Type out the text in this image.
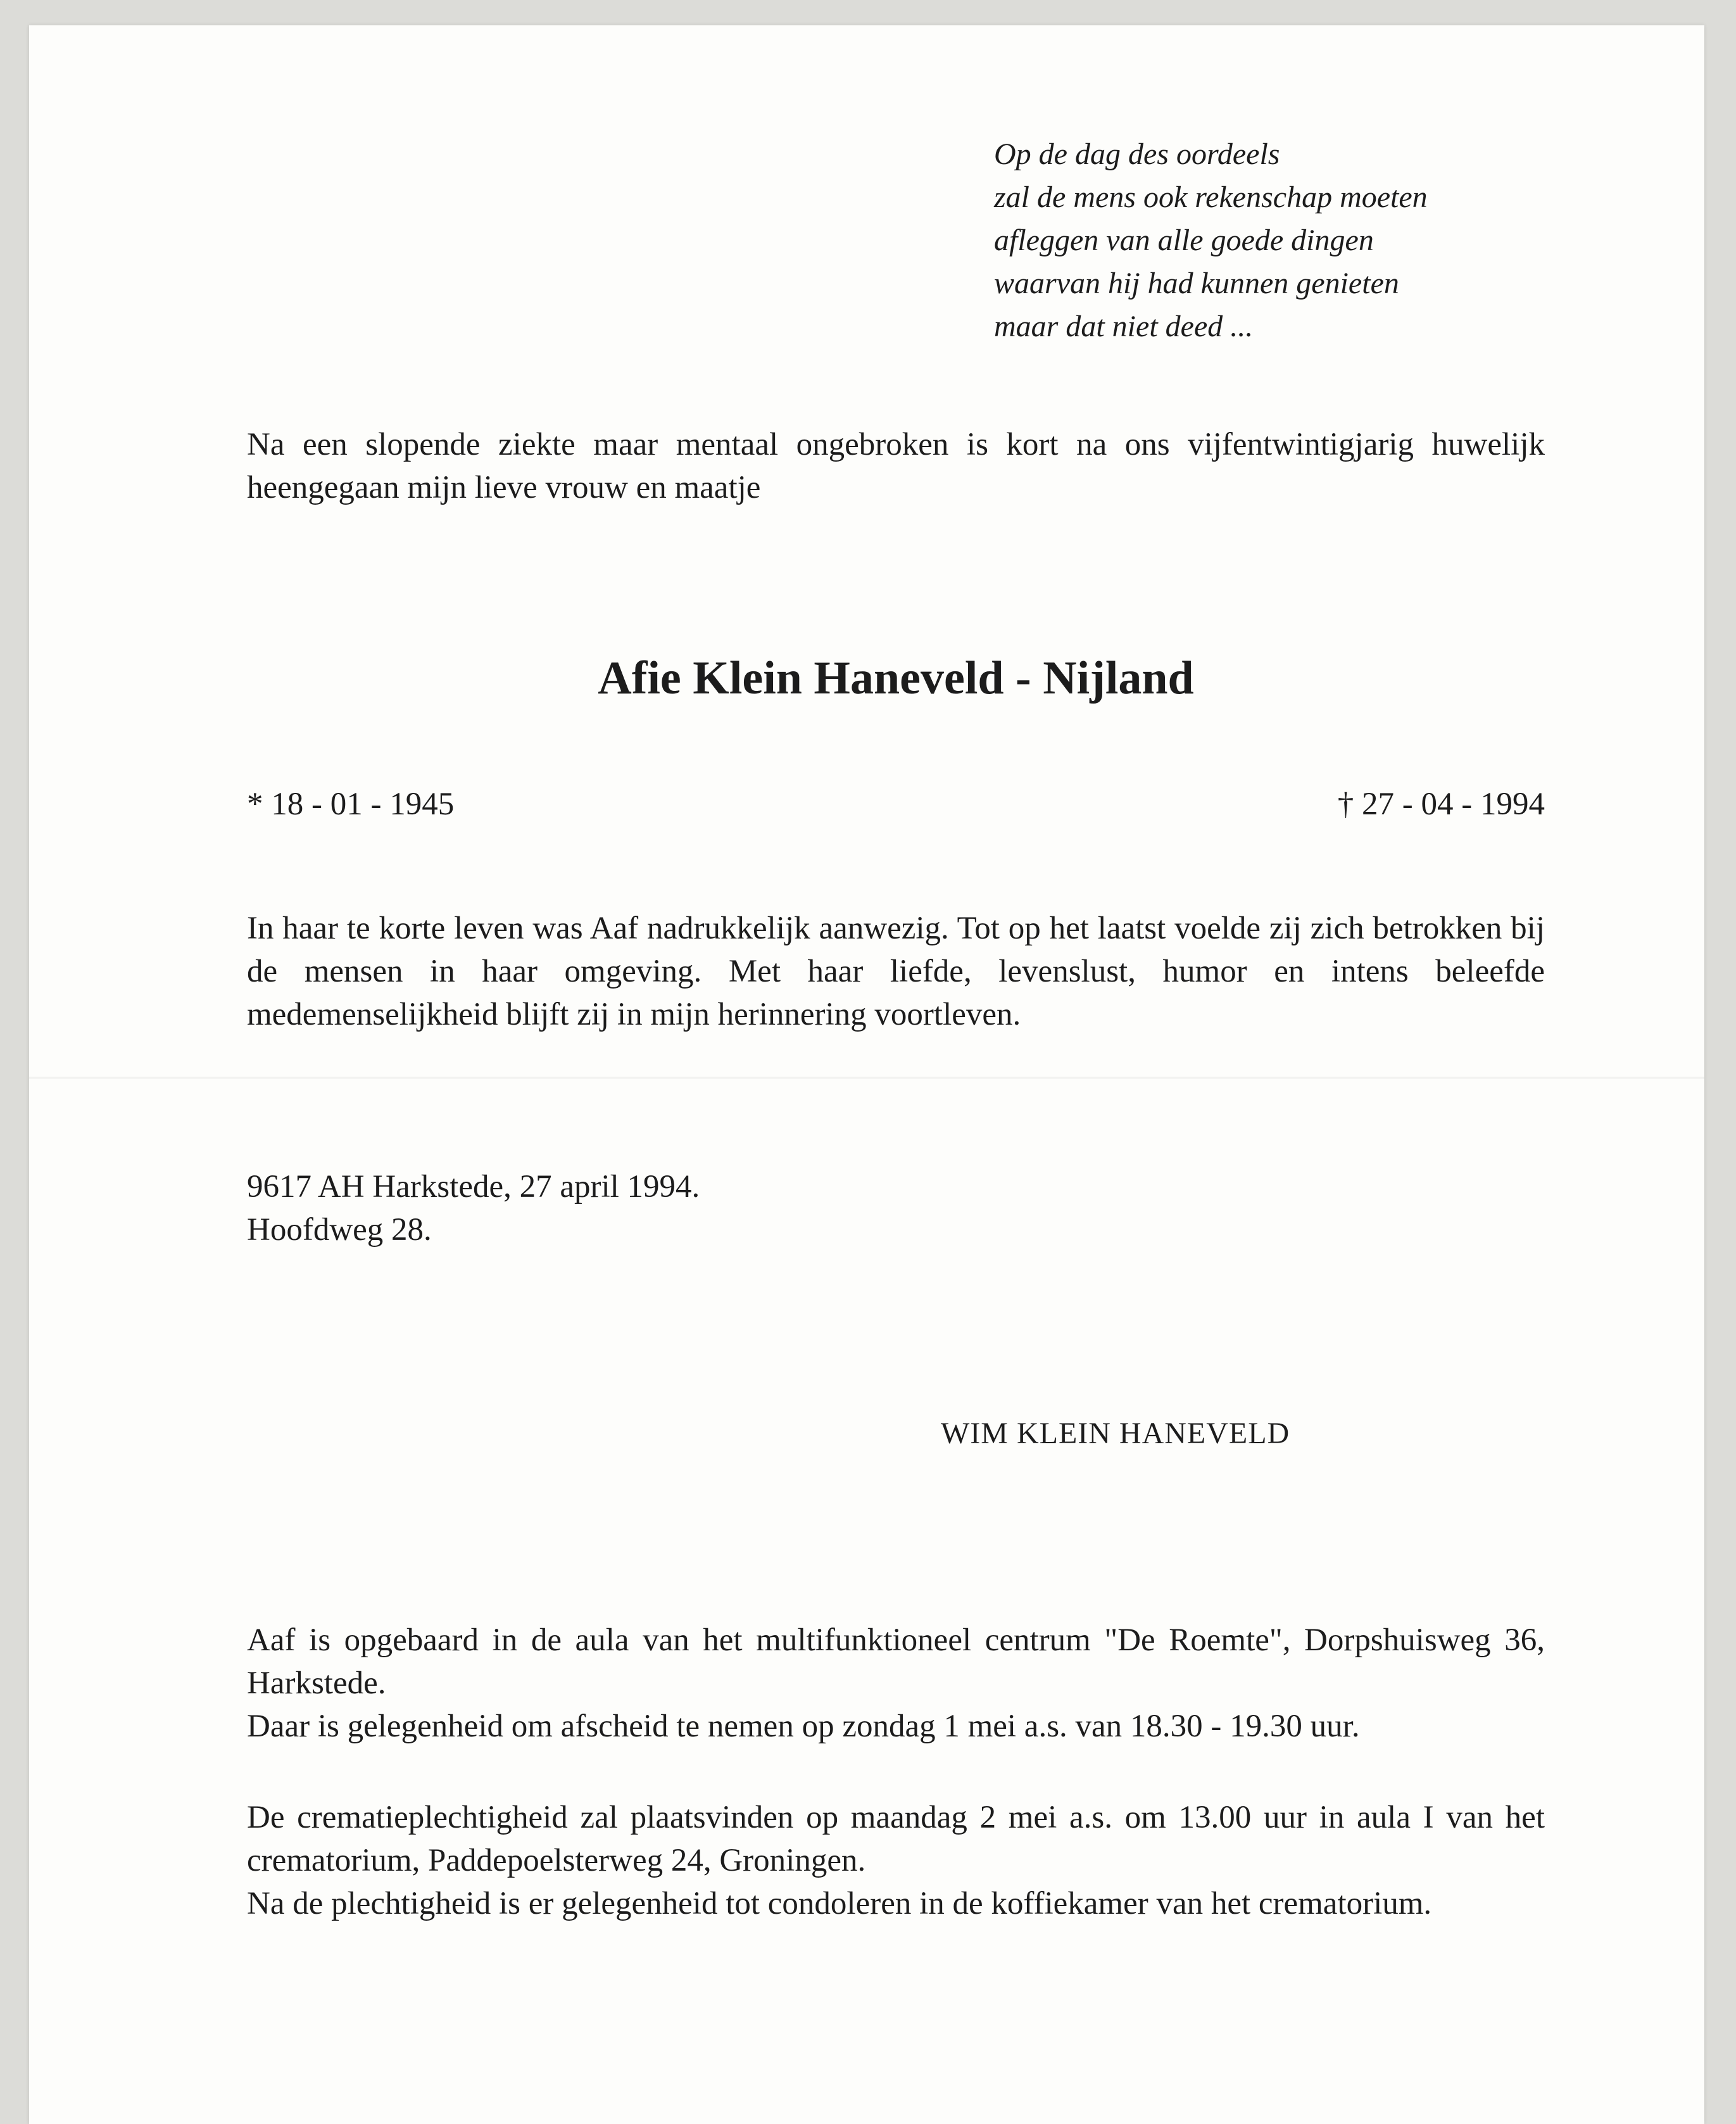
Op de dag des oordeels
zal de mens ook rekenschap moeten
afleggen van alle goede dingen
waarvan hij had kunnen genieten
maar dat niet deed ...
Na een slopende ziekte maar mentaal ongebroken is kort na ons vijfentwintigjarig huwelijk heengegaan mijn lieve vrouw en maatje
Afie Klein Haneveld - Nijland
* 18 - 01 - 1945	† 27 - 04 - 1994
In haar te korte leven was Aaf nadrukkelijk aanwezig. Tot op het laatst voelde zij zich betrokken bij de mensen in haar omgeving. Met haar liefde, levenslust, humor en intens beleefde medemenselijkheid blijft zij in mijn herinnering voortleven.
9617 AH Harkstede, 27 april 1994.
Hoofdweg 28.
WIM KLEIN HANEVELD
Aaf is opgebaard in de aula van het multifunktioneel centrum "De Roemte", Dorpshuisweg 36, Harkstede.
Daar is gelegenheid om afscheid te nemen op zondag 1 mei a.s. van 18.30 - 19.30 uur.
De crematieplechtigheid zal plaatsvinden op maandag 2 mei a.s. om 13.00 uur in aula I van het crematorium, Paddepoelsterweg 24, Groningen.
Na de plechtigheid is er gelegenheid tot condoleren in de koffiekamer van het crematorium.
